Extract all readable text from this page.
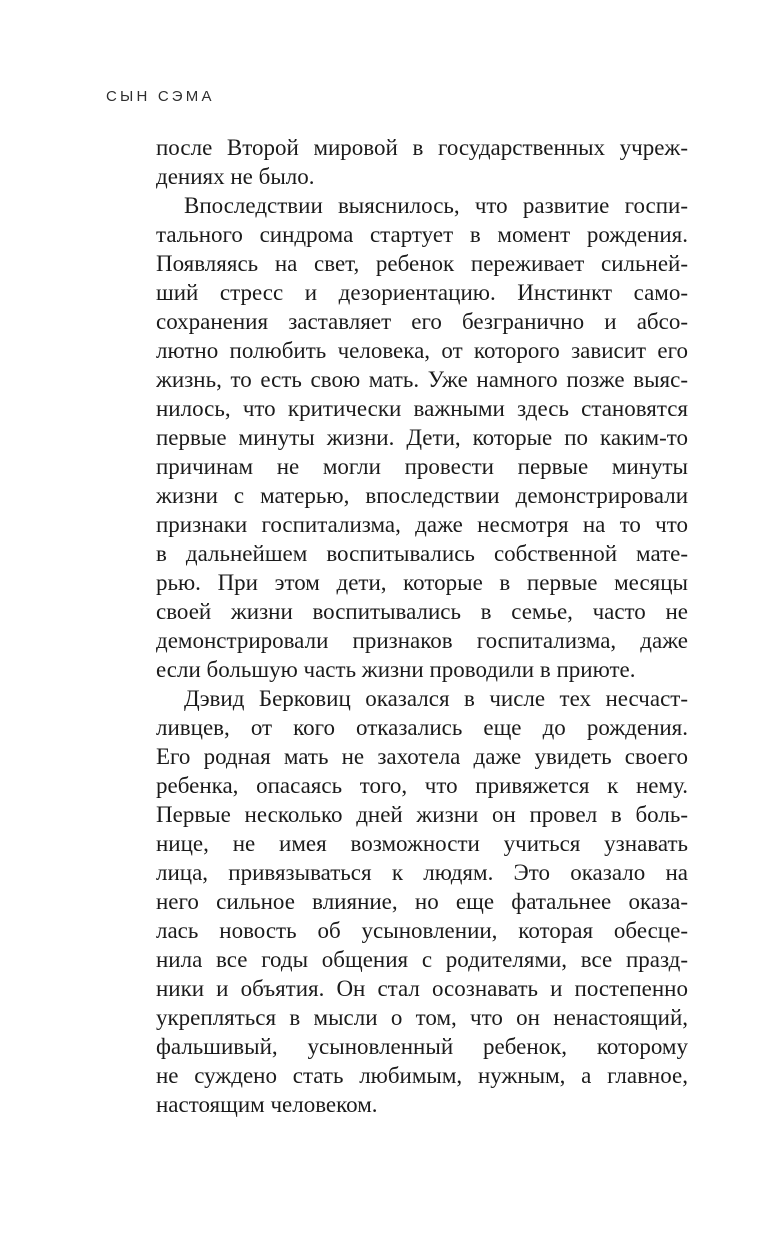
СЫН СЭМА
после Второй мировой в государственных учреж-
дениях не было.
Впоследствии выяснилось, что развитие госпи-
тального синдрома стартует в момент рождения.
Появляясь на свет, ребенок переживает сильней-
ший стресс и дезориентацию. Инстинкт само-
сохранения заставляет его безгранично и абсо-
лютно полюбить человека, от которого зависит его
жизнь, то есть свою мать. Уже намного позже выяс-
нилось, что критически важными здесь становятся
первые минуты жизни. Дети, которые по каким-то
причинам не могли провести первые минуты
жизни с матерью, впоследствии демонстрировали
признаки госпитализма, даже несмотря на то что
в дальнейшем воспитывались собственной мате-
рью. При этом дети, которые в первые месяцы
своей жизни воспитывались в семье, часто не
демонстрировали признаков госпитализма, даже
если большую часть жизни проводили в приюте.
Дэвид Берковиц оказался в числе тех несчаст-
ливцев, от кого отказались еще до рождения.
Его родная мать не захотела даже увидеть своего
ребенка, опасаясь того, что привяжется к нему.
Первые несколько дней жизни он провел в боль-
нице, не имея возможности учиться узнавать
лица, привязываться к людям. Это оказало на
него сильное влияние, но еще фатальнее оказа-
лась новость об усыновлении, которая обесце-
нила все годы общения с родителями, все празд-
ники и объятия. Он стал осознавать и постепенно
укрепляться в мысли о том, что он ненастоящий,
фальшивый, усыновленный ребенок, которому
не суждено стать любимым, нужным, а главное,
настоящим человеком.
